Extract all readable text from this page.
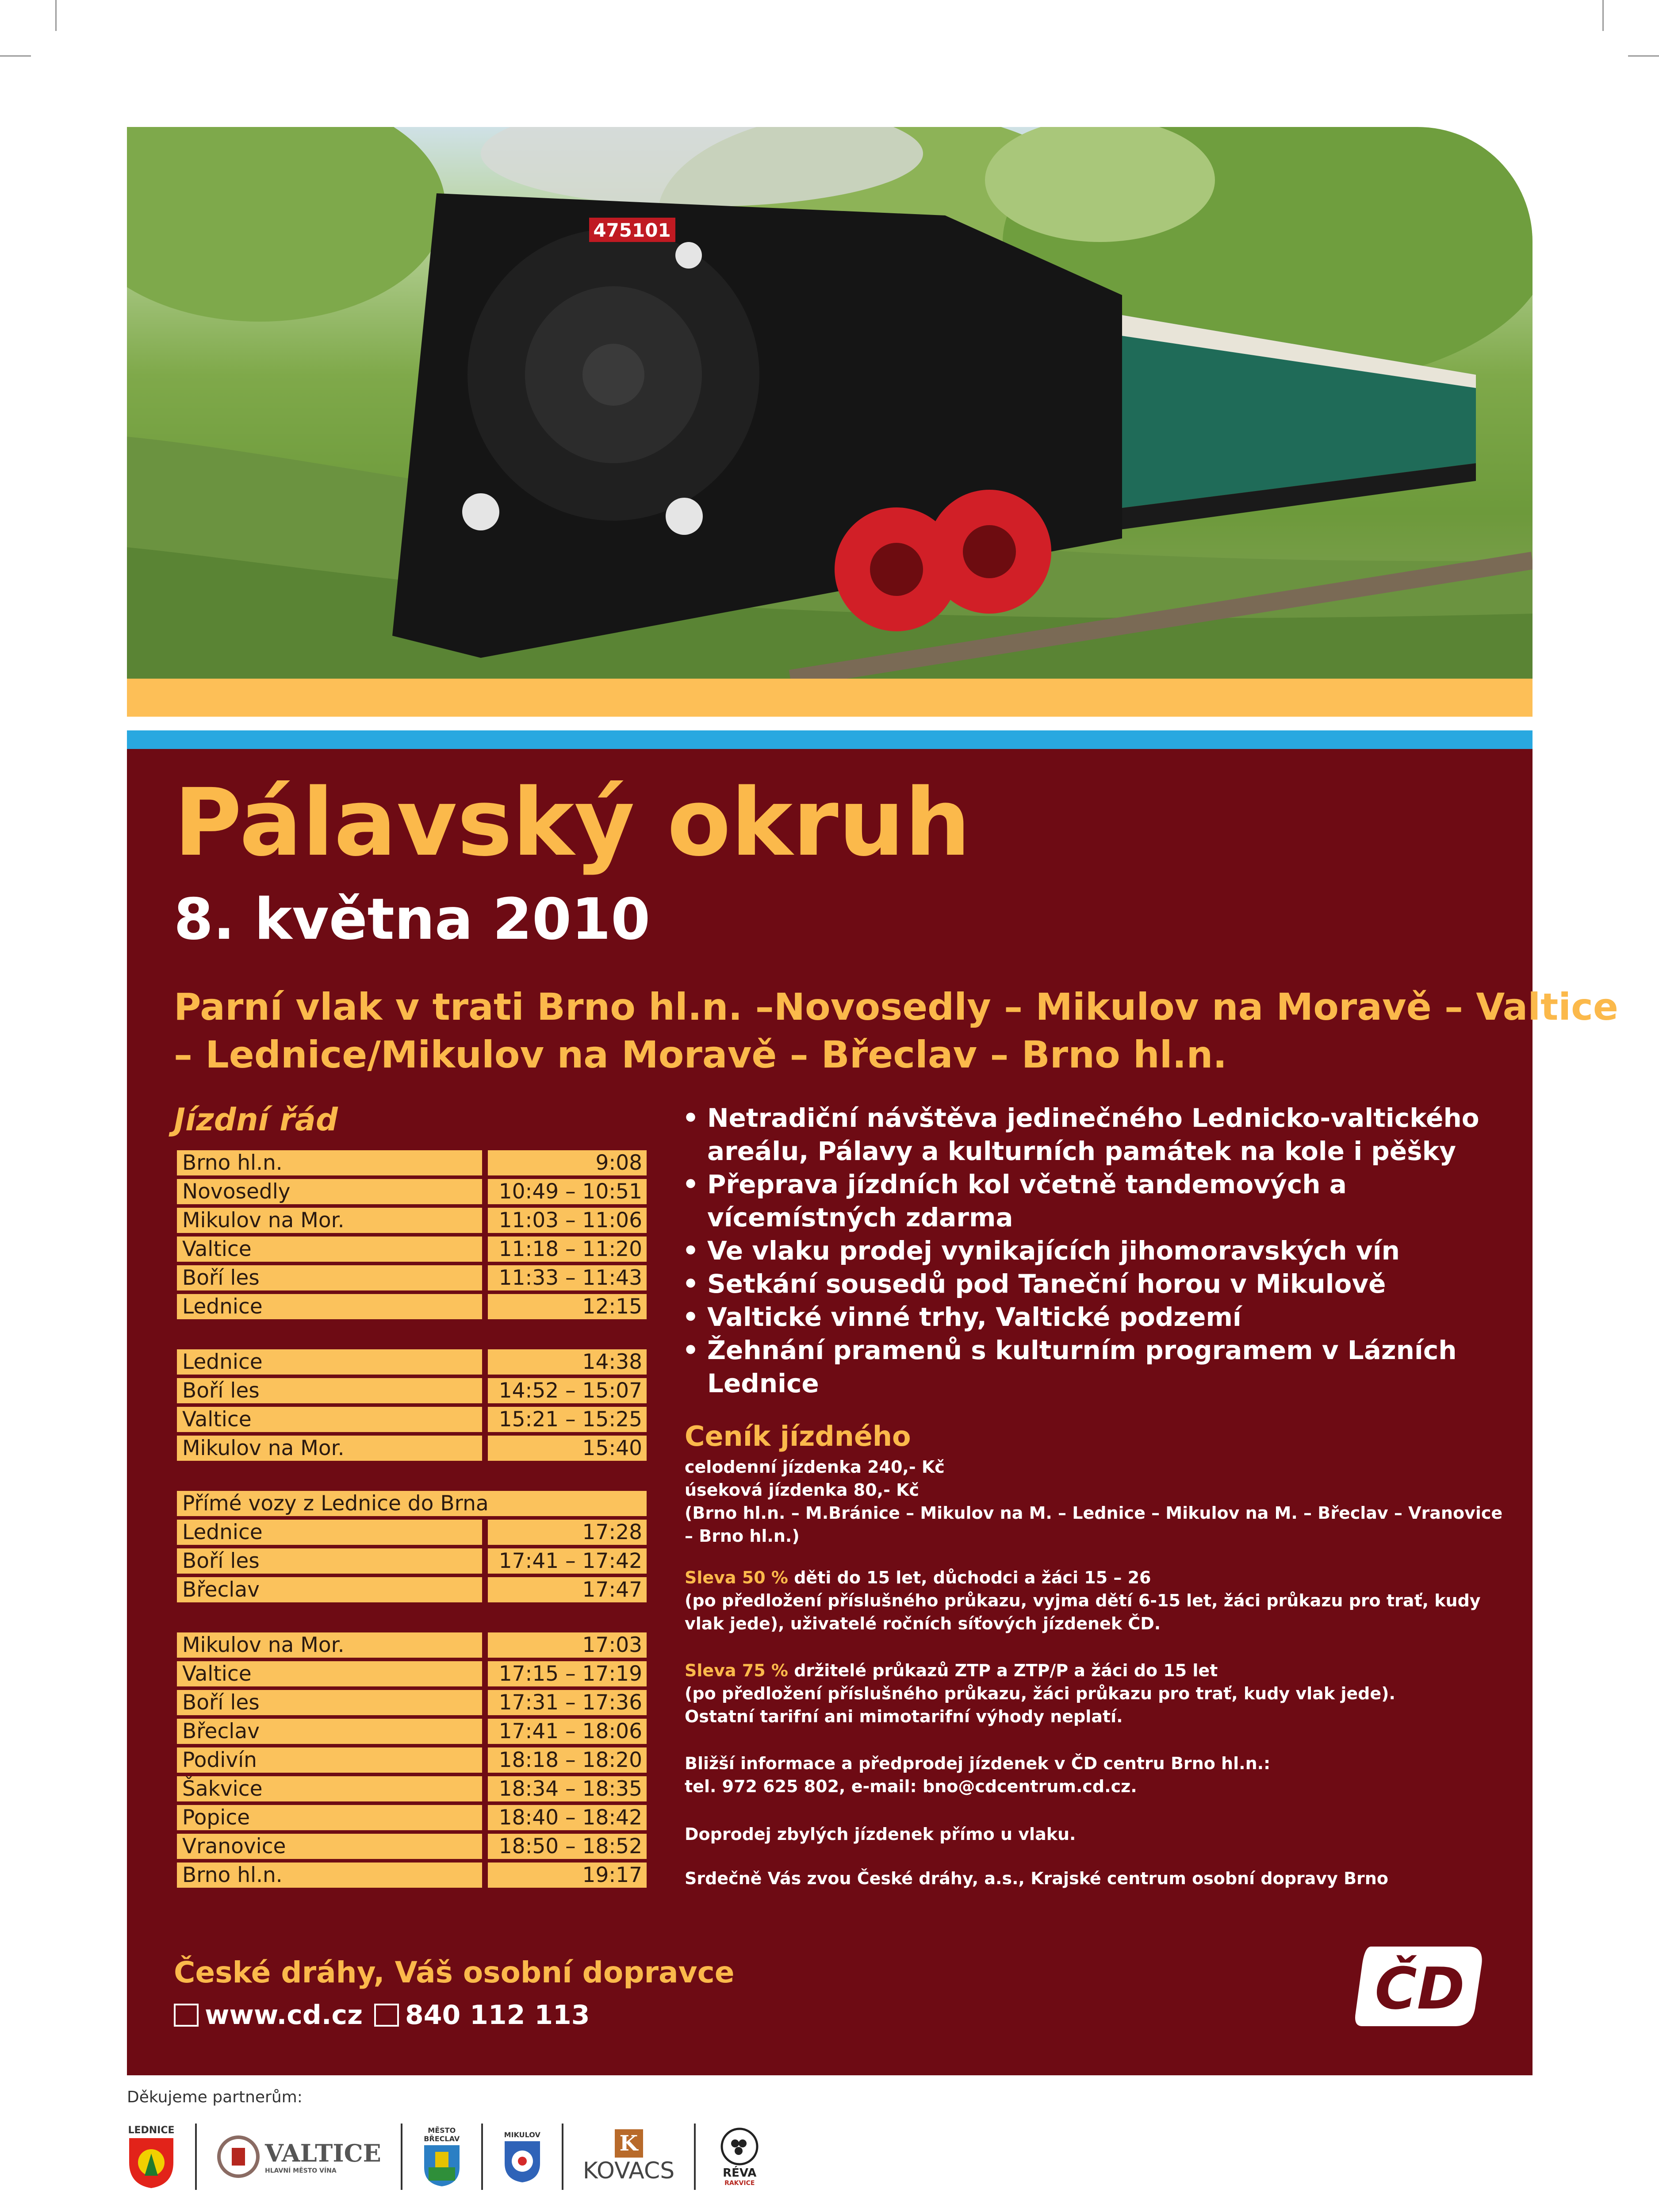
475101
Pálavský okruh
8. května 2010
Parní vlak v trati Brno hl.n. –Novosedly – Mikulov na Moravě – Valtice
– Lednice/Mikulov na Moravě – Břeclav – Brno hl.n.
Jízdní řád
Brno hl.n.	9:08
Novosedly	10:49 – 10:51
Mikulov na Mor.	11:03 – 11:06
Valtice	11:18 – 11:20
Boří les	11:33 – 11:43
Lednice	12:15
Lednice	14:38
Boří les	14:52 – 15:07
Valtice	15:21 – 15:25
Mikulov na Mor.	15:40
Přímé vozy z Lednice do Brna
Lednice	17:28
Boří les	17:41 – 17:42
Břeclav	17:47
Mikulov na Mor.	17:03
Valtice	17:15 – 17:19
Boří les	17:31 – 17:36
Břeclav	17:41 – 18:06
Podivín	18:18 – 18:20
Šakvice	18:34 – 18:35
Popice	18:40 – 18:42
Vranovice	18:50 – 18:52
Brno hl.n.	19:17
• Netradiční návštěva jedinečného Lednicko-valtického areálu, Pálavy a kulturních památek na kole i pěšky
• Přeprava jízdních kol včetně tandemových a vícemístných zdarma
• Ve vlaku prodej vynikajících jihomoravských vín
• Setkání sousedů pod Taneční horou v Mikulově
• Valtické vinné trhy, Valtické podzemí
• Žehnání pramenů s kulturním programem v Lázních Lednice
Ceník jízdného

celodenní jízdenka 240,- Kč

úseková jízdenka 80,- Kč

(Brno hl.n. – M.Bránice – Mikulov na M. – Lednice – Mikulov na M. – Břeclav – Vranovice – Brno hl.n.)

Sleva 50 % děti do 15 let, důchodci a žáci 15 – 26

(po předložení příslušného průkazu, vyjma dětí 6-15 let, žáci průkazu pro trať, kudy vlak jede), uživatelé ročních síťových jízdenek ČD.

Sleva 75 % držitelé průkazů ZTP a ZTP/P a žáci do 15 let

(po předložení příslušného průkazu, žáci průkazu pro trať, kudy vlak jede).

Ostatní tarifní ani mimotarifní výhody neplatí.

Bližší informace a předprodej jízdenek v ČD centru Brno hl.n.:

tel. 972 625 802, e-mail: bno@cdcentrum.cd.cz.

Doprodej zbylých jízdenek přímo u vlaku.
Srdečně Vás zvou České dráhy, a.s., Krajské centrum osobní dopravy Brno
České dráhy, Váš osobní dopravce
www.cd.cz 840 112 113	ČD
Děkujeme partnerům:
LEDNICE
VALTICE
HLAVNÍ MĚSTO VÍNA
MĚSTO BŘECLAV	MIKULOV	K
KOVACS	RÉVA
RAKVICE
